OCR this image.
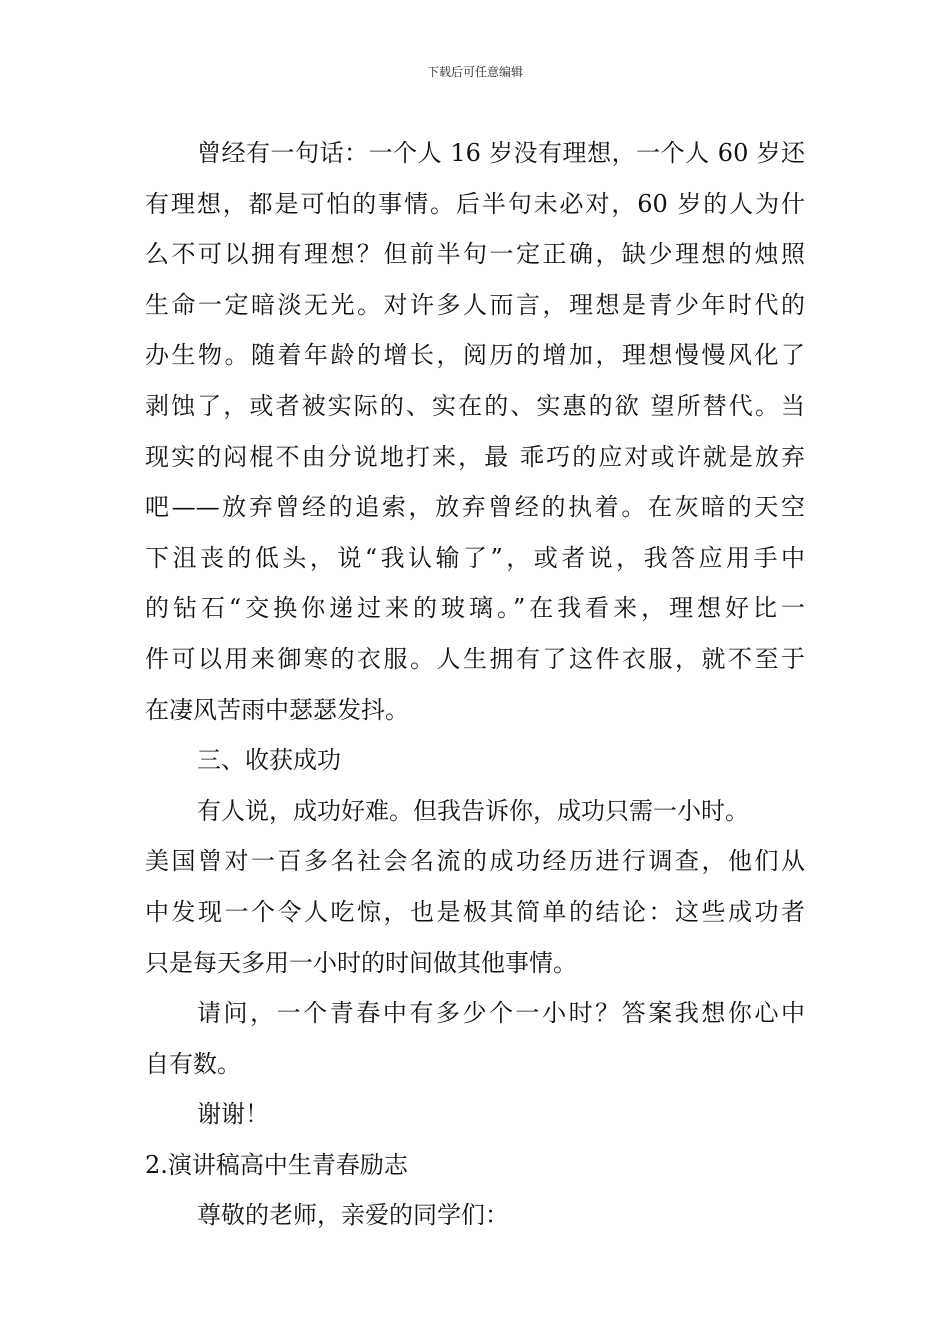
下载后可任意编辑

曾经有一句话：一个人 16 岁没有理想，一个人 60 岁还
有理想，都是可怕的事情。后半句未必对，60 岁的人为什
么不可以拥有理想？但前半句一定正确，缺少理想的烛照
生命一定暗淡无光。对许多人而言，理想是青少年时代的
办生物。随着年龄的增长，阅历的增加，理想慢慢风化了
剥蚀了，或者被实际的、实在的、实惠的欲 望所替代。当
现实的闷棍不由分说地打来，最 乖巧的应对或许就是放弃
吧——放弃曾经的追索，放弃曾经的执着。在灰暗的天空
下沮丧的低头，说“我认输了”，或者说，我答应用手中
的钻石“交换你递过来的玻璃。”在我看来，理想好比一
件可以用来御寒的衣服。人生拥有了这件衣服，就不至于
在凄风苦雨中瑟瑟发抖。

三、收获成功

有人说，成功好难。但我告诉你，成功只需一小时。
美国曾对一百多名社会名流的成功经历进行调查，他们从
中发现一个令人吃惊，也是极其简单的结论：这些成功者
只是每天多用一小时的时间做其他事情。

请问，一个青春中有多少个一小时？答案我想你心中
自有数。

谢谢！

2.演讲稿高中生青春励志

尊敬的老师，亲爱的同学们：
